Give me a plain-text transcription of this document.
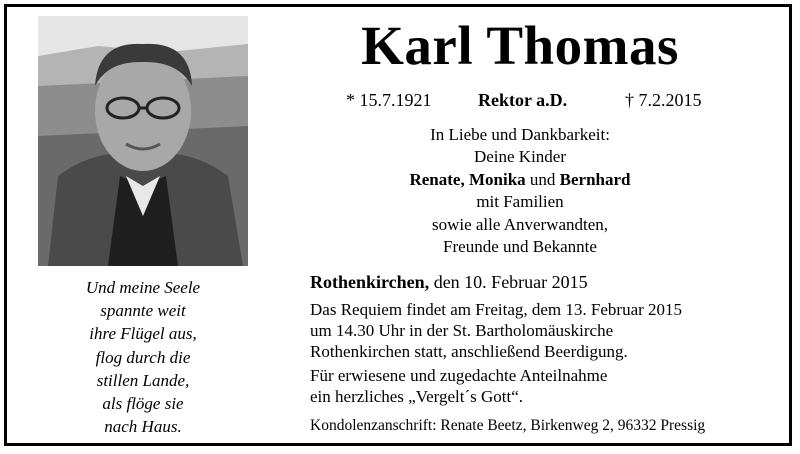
Und meine Seele
spannte weit
ihre Flügel aus,
flog durch die
stillen Lande,
als flöge sie
nach Haus.
Karl Thomas
* 15.7.1921	Rektor a.D.	† 7.2.2015
In Liebe und Dankbarkeit:
Deine Kinder
Renate, Monika und Bernhard
mit Familien
sowie alle Anverwandten,
Freunde und Bekannte
Rothenkirchen, den 10. Februar 2015
Das Requiem findet am Freitag, dem 13. Februar 2015
um 14.30 Uhr in der St. Bartholomäuskirche
Rothenkirchen statt, anschließend Beerdigung.
Für erwiesene und zugedachte Anteilnahme
ein herzliches „Vergelt´s Gott“.
Kondolenzanschrift: Renate Beetz, Birkenweg 2, 96332 Pressig
